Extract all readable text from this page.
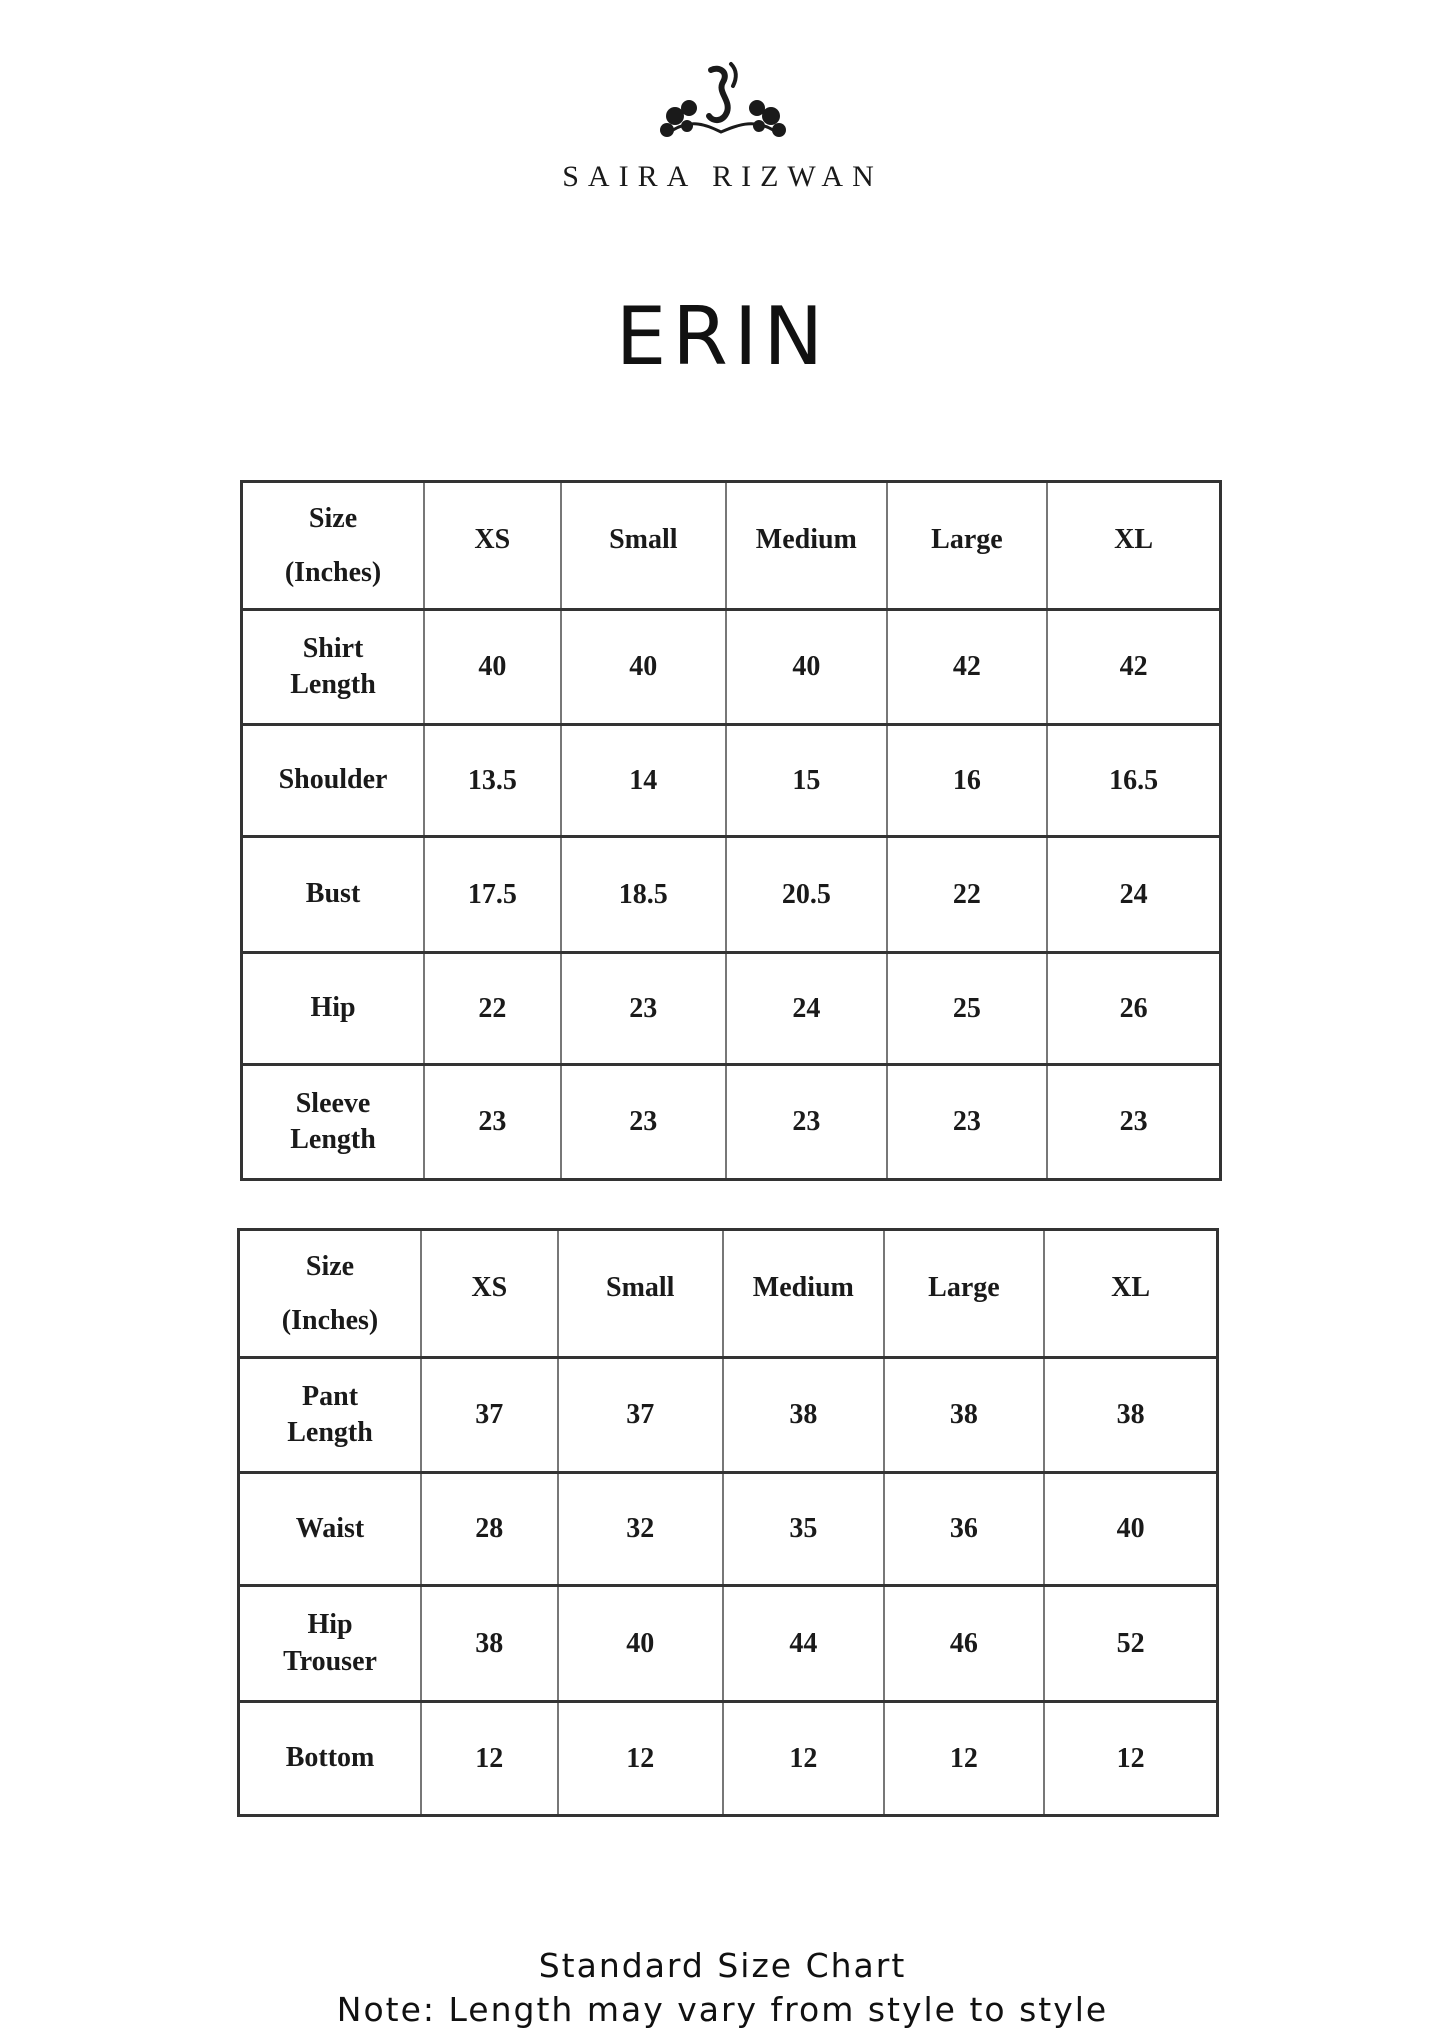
SAIRA RIZWAN
ERIN
Size
(Inches)	XS	Small	Medium	Large	XL

Shirt
Length	40	40	40	42	42

Shoulder	13.5	14	15	16	16.5

Bust	17.5	18.5	20.5	22	24

Hip	22	23	24	25	26

Sleeve
Length	23	23	23	23	23
Size
(Inches)	XS	Small	Medium	Large	XL

Pant
Length	37	37	38	38	38

Waist	28	32	35	36	40

Hip
Trouser	38	40	44	46	52

Bottom	12	12	12	12	12
Standard Size Chart
Note: Length may vary from style to style
